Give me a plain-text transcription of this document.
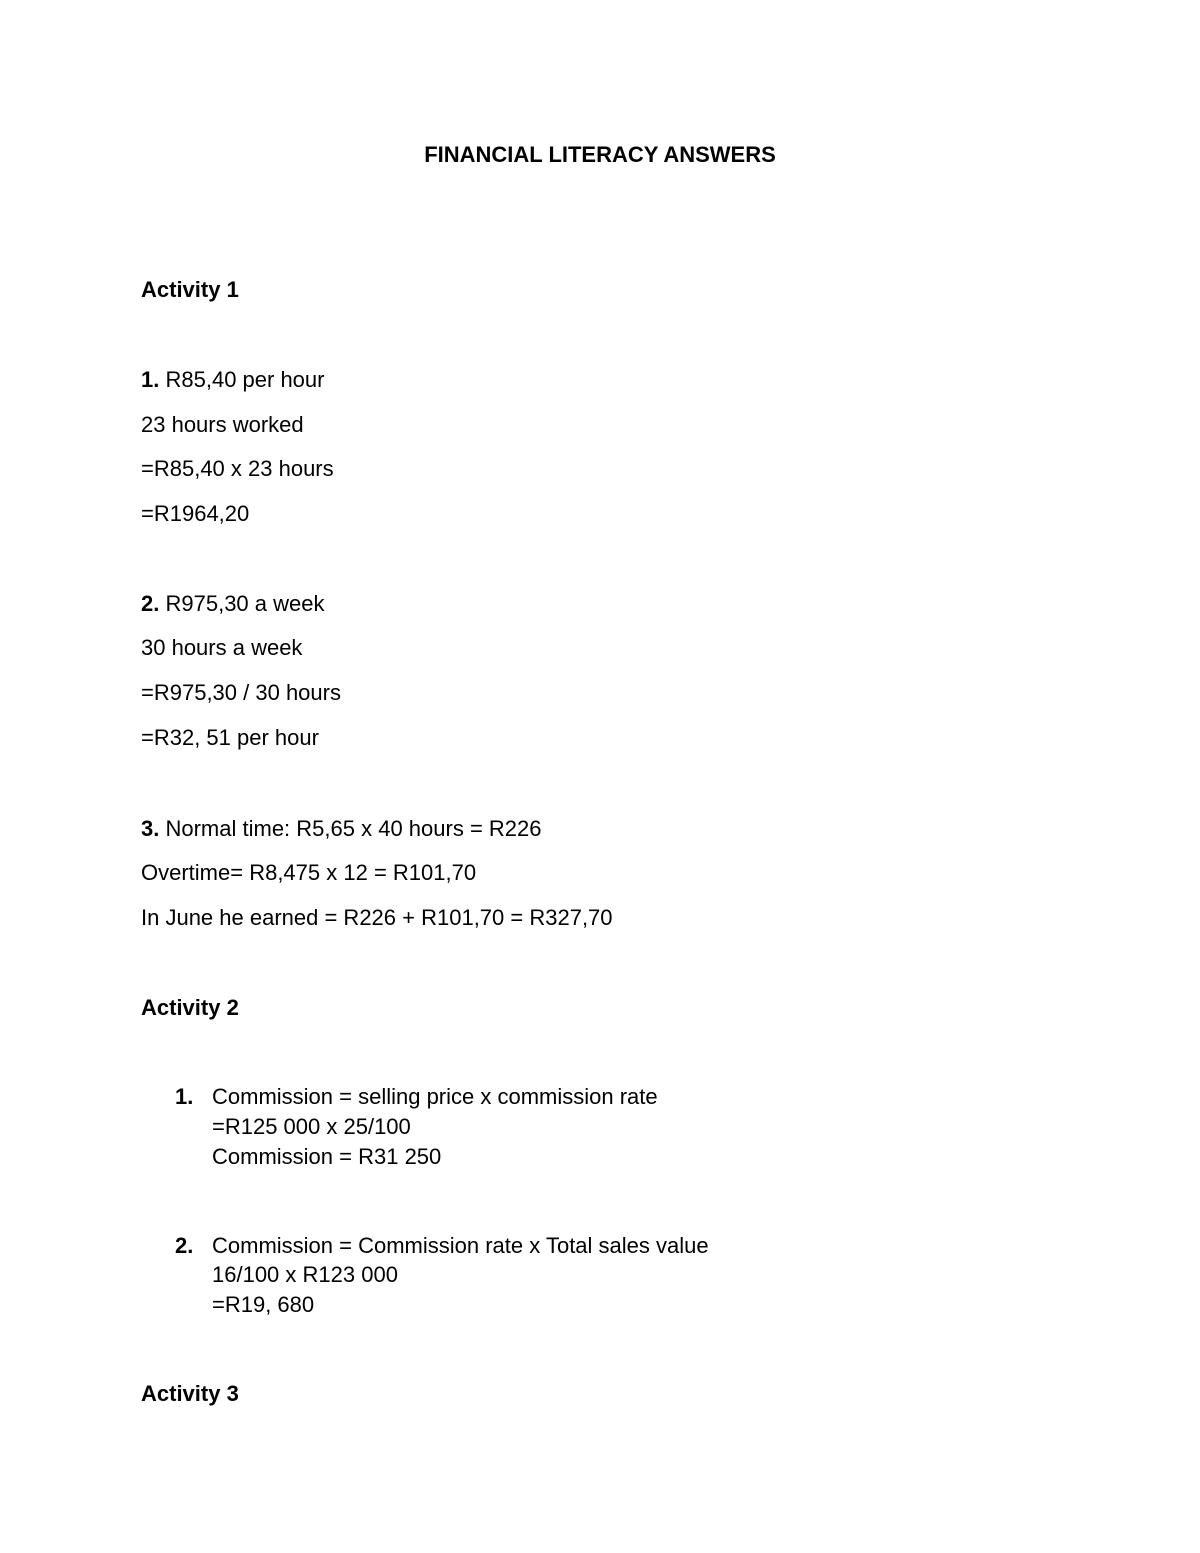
FINANCIAL LITERACY ANSWERS
Activity 1
1. R85,40 per hour
23 hours worked
=R85,40 x 23 hours
=R1964,20
2. R975,30 a week
30 hours a week
=R975,30 / 30 hours
=R32, 51 per hour
3. Normal time: R5,65 x 40 hours = R226
Overtime= R8,475 x 12 = R101,70
In June he earned = R226 + R101,70 = R327,70
Activity 2
1. Commission = selling price x commission rate
=R125 000 x 25/100
Commission = R31 250
2. Commission = Commission rate x Total sales value
16/100 x R123 000
=R19, 680
Activity 3
